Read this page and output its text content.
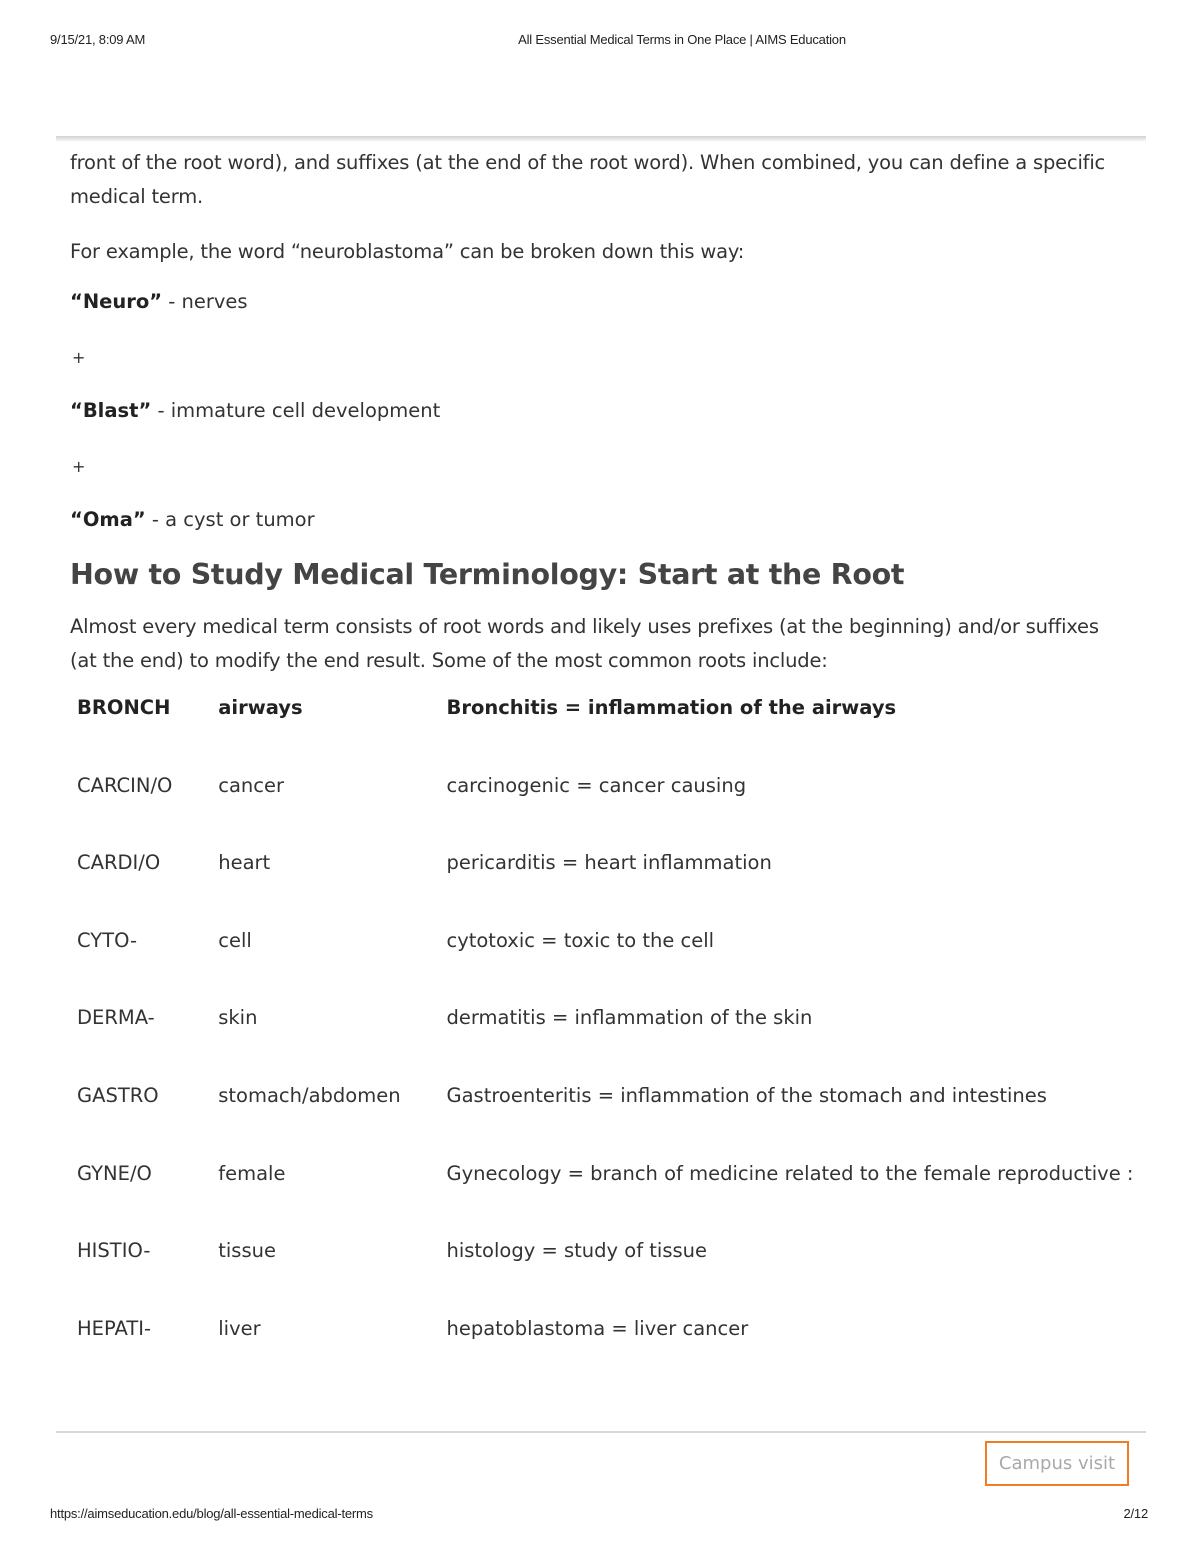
9/15/21, 8:09 AM	All Essential Medical Terms in One Place | AIMS Education

front of the root word), and suffixes (at the end of the root word). When combined, you can define a specific
medical term.

For example, the word “neuroblastoma” can be broken down this way:

“Neuro” - nerves
+
“Blast” - immature cell development
+
“Oma” - a cyst or tumor
How to Study Medical Terminology: Start at the Root

Almost every medical term consists of root words and likely uses prefixes (at the beginning) and/or suffixes
(at the end) to modify the end result. Some of the most common roots include:

BRONCH	airways	Bronchitis = inflammation of the airways
CARCIN/O	cancer	carcinogenic = cancer causing
CARDI/O	heart	pericarditis = heart inflammation
CYTO-	cell	cytotoxic = toxic to the cell
DERMA-	skin	dermatitis = inflammation of the skin
GASTRO	stomach/abdomen	Gastroenteritis = inflammation of the stomach and intestines
GYNE/O	female	Gynecology = branch of medicine related to the female reproductive :
HISTIO-	tissue	histology = study of tissue
HEPATI-	liver	hepatoblastoma = liver cancer
Campus visit
https://aimseducation.edu/blog/all-essential-medical-terms	2/12
